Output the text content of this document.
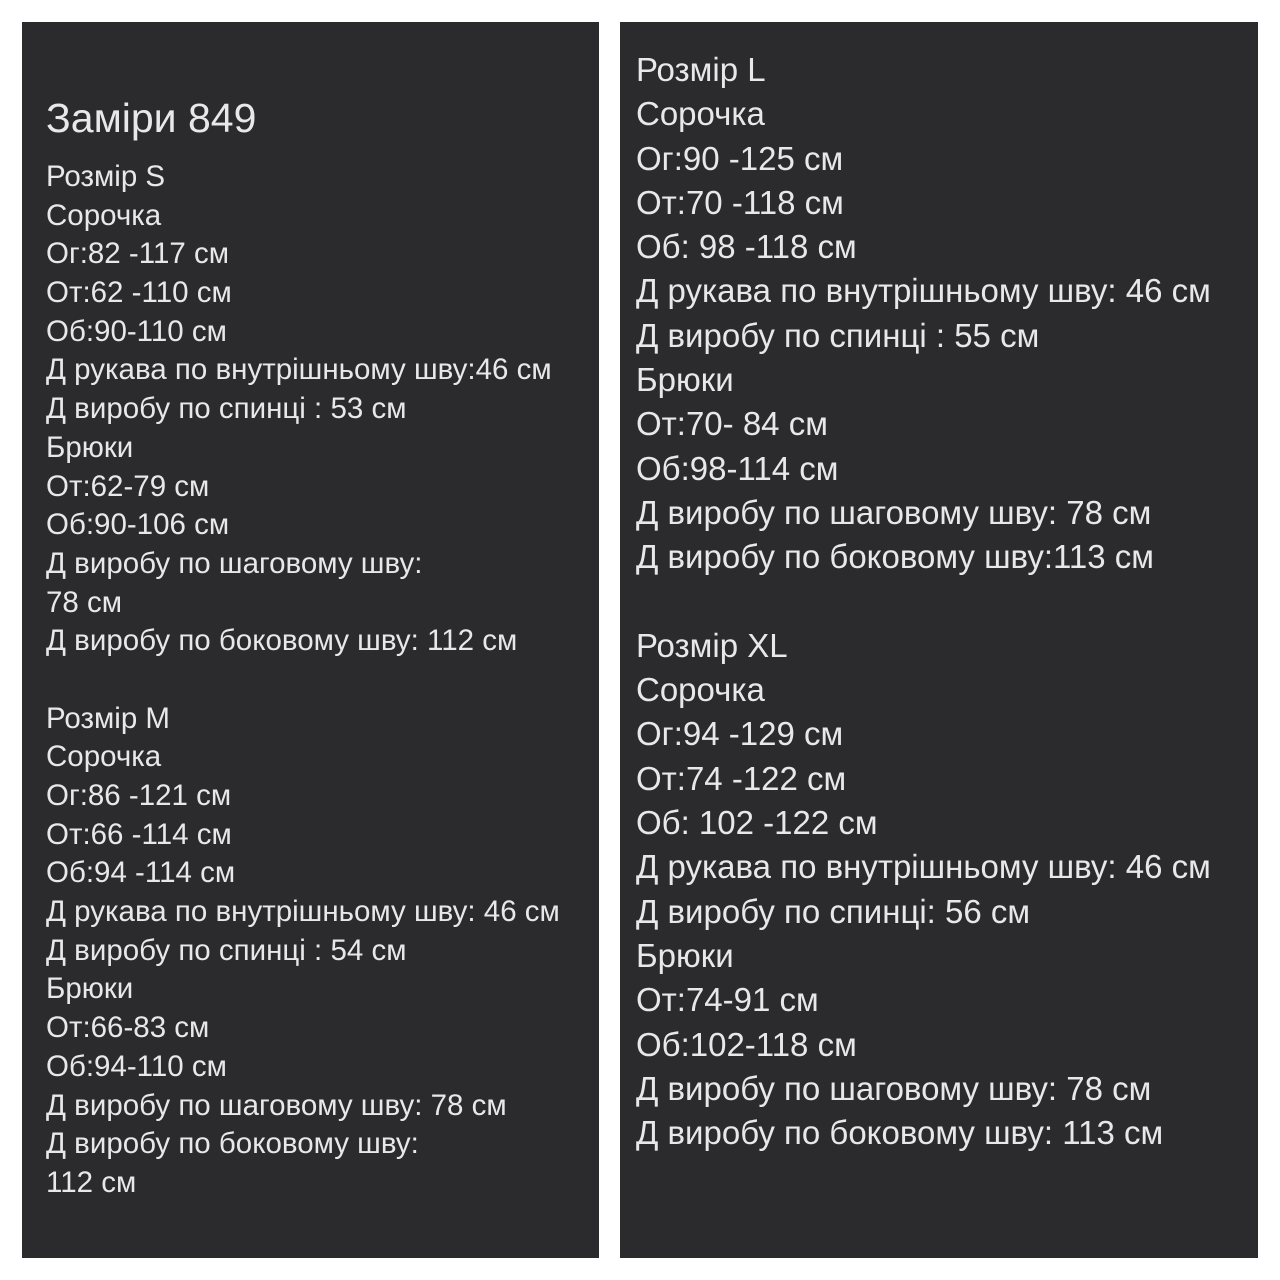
Заміри 849
Розмір S
Сорочка
Ог:82 -117 см
От:62 -110 см
Об:90-110 см
Д рукава по внутрішньому шву:46 см
Д виробу по спинці : 53 см
Брюки
От:62-79 см
Об:90-106 см
Д виробу по шаговому шву:
78 см
Д виробу по боковому шву: 112 см
Розмір M
Сорочка
Ог:86 -121 см
От:66 -114 см
Об:94 -114 см
Д рукава по внутрішньому шву: 46 см
Д виробу по спинці : 54 см
Брюки
От:66-83 см
Об:94-110 см
Д виробу по шаговому шву: 78 см
Д виробу по боковому шву:
112 см
Розмір L
Сорочка
Ог:90 -125 см
От:70 -118 см
Об: 98 -118 см
Д рукава по внутрішньому шву: 46 см
Д виробу по спинці : 55 см
Брюки
От:70- 84 см
Об:98-114 см
Д виробу по шаговому шву: 78 см
Д виробу по боковому шву:113 см
Розмір XL
Сорочка
Ог:94 -129 см
От:74 -122 см
Об: 102 -122 см
Д рукава по внутрішньому шву: 46 см
Д виробу по спинці: 56 см
Брюки
От:74-91 см
Об:102-118 см
Д виробу по шаговому шву: 78 см
Д виробу по боковому шву: 113 см
